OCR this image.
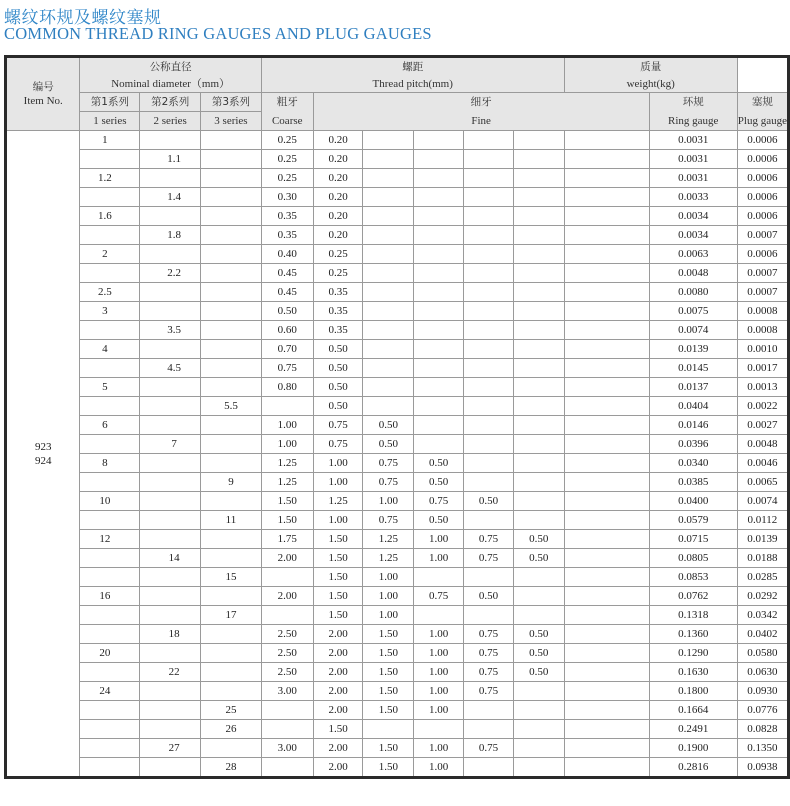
螺纹环规及螺纹塞规
COMMON THREAD RING GAUGES AND PLUG GAUGES
编号
Item No.	公称直径			螺距						质量		
	Nominal diameter（mm）			Thread pitch(mm)						weight(kg)		
	第1系列	第2系列	第3系列	粗牙	细牙						环规	塞规
	1 series	2 series	3 series	Coarse	Fine						Ring gauge	Plug gauge

923
924	1			0.25	0.20						0.0031	0.0006
		1.1		0.25	0.20						0.0031	0.0006
	1.2			0.25	0.20						0.0031	0.0006
		1.4		0.30	0.20						0.0033	0.0006
	1.6			0.35	0.20						0.0034	0.0006
		1.8		0.35	0.20						0.0034	0.0007
	2			0.40	0.25						0.0063	0.0006
		2.2		0.45	0.25						0.0048	0.0007
	2.5			0.45	0.35						0.0080	0.0007
	3			0.50	0.35						0.0075	0.0008
		3.5		0.60	0.35						0.0074	0.0008
	4			0.70	0.50						0.0139	0.0010
		4.5		0.75	0.50						0.0145	0.0017
	5			0.80	0.50						0.0137	0.0013
			5.5		0.50						0.0404	0.0022
	6			1.00	0.75	0.50					0.0146	0.0027
		7		1.00	0.75	0.50					0.0396	0.0048
	8			1.25	1.00	0.75	0.50				0.0340	0.0046
			9	1.25	1.00	0.75	0.50				0.0385	0.0065
	10			1.50	1.25	1.00	0.75	0.50			0.0400	0.0074
			11	1.50	1.00	0.75	0.50				0.0579	0.0112
	12			1.75	1.50	1.25	1.00	0.75	0.50		0.0715	0.0139
		14		2.00	1.50	1.25	1.00	0.75	0.50		0.0805	0.0188
			15		1.50	1.00					0.0853	0.0285
	16			2.00	1.50	1.00	0.75	0.50			0.0762	0.0292
			17		1.50	1.00					0.1318	0.0342
		18		2.50	2.00	1.50	1.00	0.75	0.50		0.1360	0.0402
	20			2.50	2.00	1.50	1.00	0.75	0.50		0.1290	0.0580
		22		2.50	2.00	1.50	1.00	0.75	0.50		0.1630	0.0630
	24			3.00	2.00	1.50	1.00	0.75			0.1800	0.0930
			25		2.00	1.50	1.00				0.1664	0.0776
			26		1.50						0.2491	0.0828
		27		3.00	2.00	1.50	1.00	0.75			0.1900	0.1350
			28		2.00	1.50	1.00				0.2816	0.0938
